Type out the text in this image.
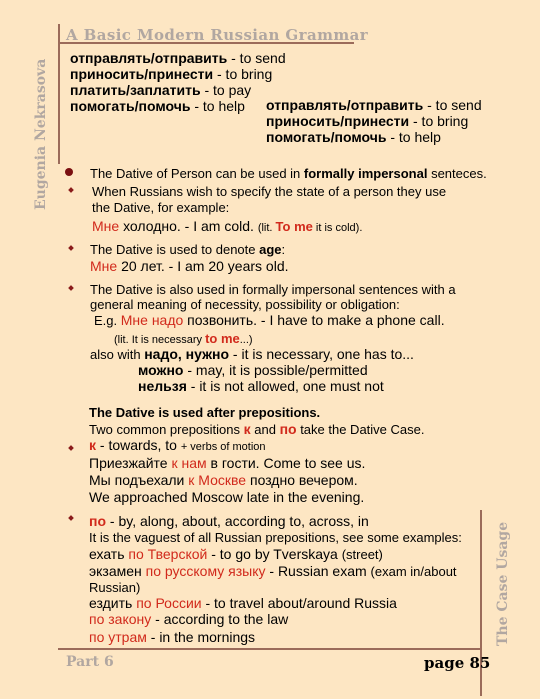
A Basic Modern Russian Grammar
Eugenia Nekrasova
The Case Usage
Part 6	page 85
отправлять/отправить - to send
приносить/принести - to bring
платить/заплатить - to pay
помогать/помочь - to help отправлять/отправить - to send
приносить/принести - to bring
помогать/помочь - to help
The Dative of Person can be used in formally impersonal senteces.
When Russians wish to specify the state of a person they use
the Dative, for example:
Мне холодно. - I am cold. (lit. To me it is cold).
The Dative is used to denote age:
Мне 20 лет. - I am 20 years old.
The Dative is also used in formally impersonal sentences with a
general meaning of necessity, possibility or obligation:
E.g. Мне надо позвонить. - I have to make a phone call.
(lit. It is necessary to me...)
also with надо, нужно - it is necessary, one has to...
можно - may, it is possible/permitted
нельзя - it is not allowed, one must not
The Dative is used after prepositions.
Two common prepositions к and по take the Dative Case.
к - towards, to + verbs of motion
Приезжайте к нам в гости. Come to see us.
Мы подъехали к Москве поздно вечером.
We approached Moscow late in the evening.
по - by, along, about, according to, across, in
It is the vaguest of all Russian prepositions, see some examples:
ехать по Тверской - to go by Tverskaya (street)
экзамен по русскому языку - Russian exam (exam in/about
Russian)
ездить по России - to travel about/around Russia
по закону - according to the law
по утрам - in the mornings
